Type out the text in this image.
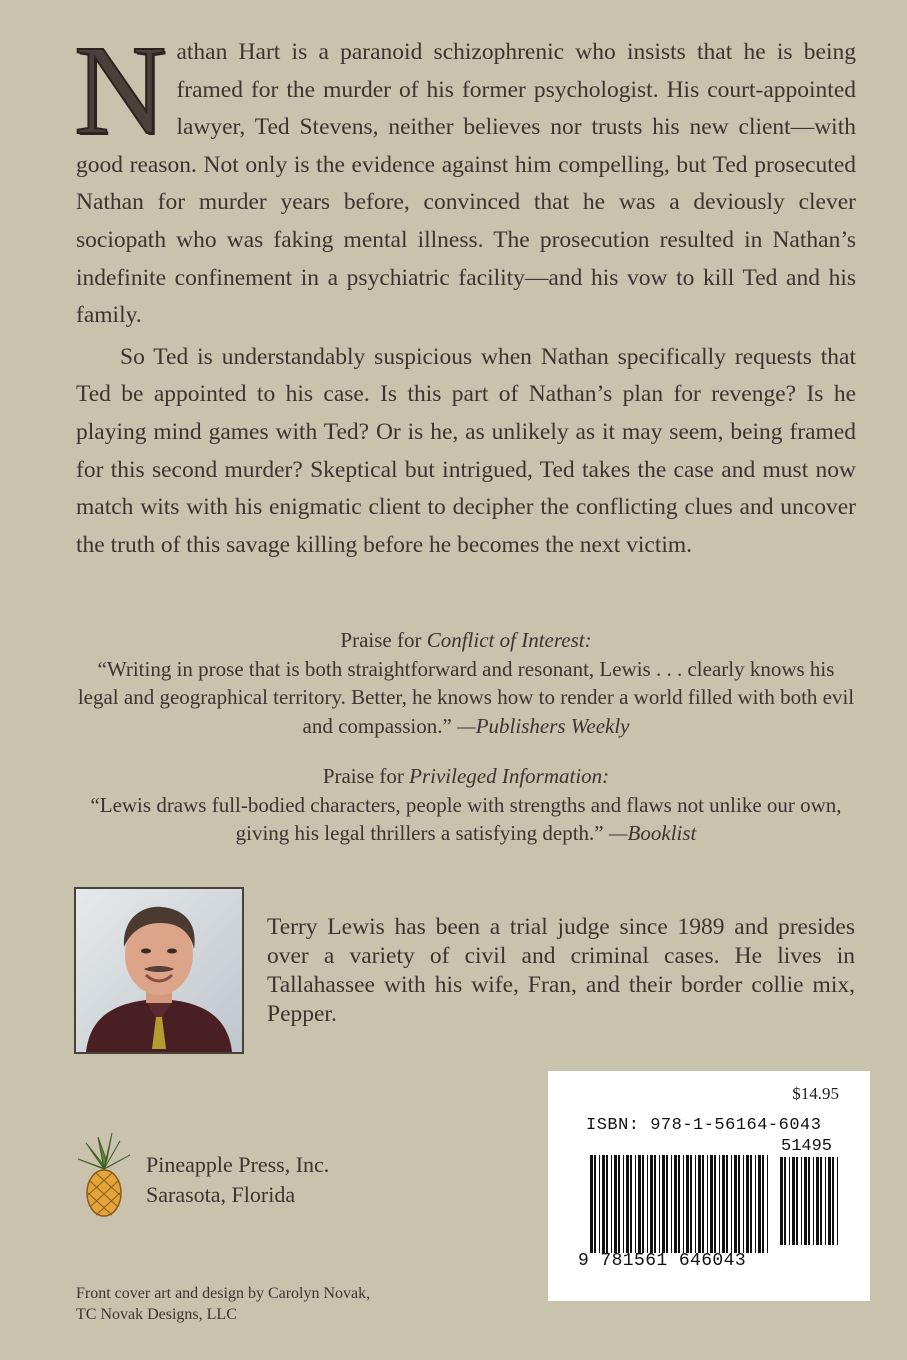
Nathan Hart is a paranoid schizophrenic who insists that he is being framed for the murder of his former psychologist. His court-appointed lawyer, Ted Stevens, neither believes nor trusts his new client—with good reason. Not only is the evidence against him compelling, but Ted prosecuted Nathan for murder years before, convinced that he was a deviously clever sociopath who was faking mental illness. The prosecution resulted in Nathan’s indefinite confinement in a psychiatric facility—and his vow to kill Ted and his family.

So Ted is understandably suspicious when Nathan specifically requests that Ted be appointed to his case. Is this part of Nathan’s plan for revenge? Is he playing mind games with Ted? Or is he, as unlikely as it may seem, being framed for this second murder? Skeptical but intrigued, Ted takes the case and must now match wits with his enigmatic client to decipher the conflicting clues and uncover the truth of this savage killing before he becomes the next victim.

Praise for Conflict of Interest:
“Writing in prose that is both straightforward and resonant, Lewis . . . clearly knows his legal and geographical territory. Better, he knows how to render a world filled with both evil and compassion.” —Publishers Weekly
Praise for Privileged Information:
“Lewis draws full-bodied characters, people with strengths and flaws not unlike our own, giving his legal thrillers a satisfying depth.” —Booklist

Terry Lewis has been a trial judge since 1989 and presides over a variety of civil and criminal cases. He lives in Tallahassee with his wife, Fran, and their border collie mix, Pepper.

Pineapple Press, Inc.
Sarasota, Florida
$14.95
ISBN: 978-1-56164-6043
51495
9 781561 646043
Front cover art and design by Carolyn Novak,
TC Novak Designs, LLC
